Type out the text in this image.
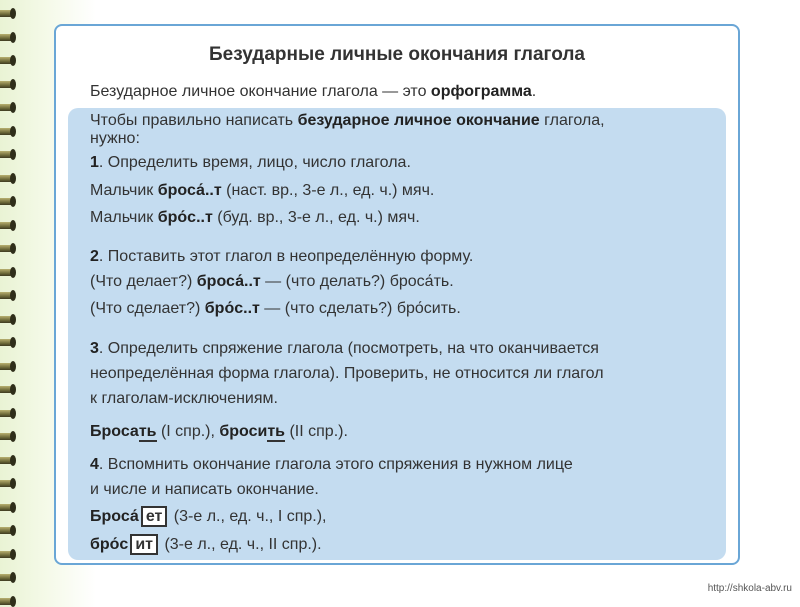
Безударные личные окончания глагола
Безударное личное окончание глагола — это орфограмма.
Чтобы правильно написать безударное личное окончание глагола,
нужно:
1. Определить время, лицо, число глагола.
Мальчик броса́..т (наст. вр., 3-е л., ед. ч.) мяч.
Мальчик бро́с..т (буд. вр., 3-е л., ед. ч.) мяч.
2. Поставить этот глагол в неопределённую форму.
(Что делает?) броса́..т — (что делать?) броса́ть.
(Что сделает?) бро́с..т — (что сделать?) бро́сить.
3. Определить спряжение глагола (посмотреть, на что оканчивается
неопределённая форма глагола). Проверить, не относится ли глагол
к глаголам-исключениям.
Бросать (I спр.), бросить (II спр.).
4. Вспомнить окончание глагола этого спряжения в нужном лице
и числе и написать окончание.
Броса́ ет (3-е л., ед. ч., I спр.),
бро́с ит (3-е л., ед. ч., II спр.).
http://shkola-abv.ru
